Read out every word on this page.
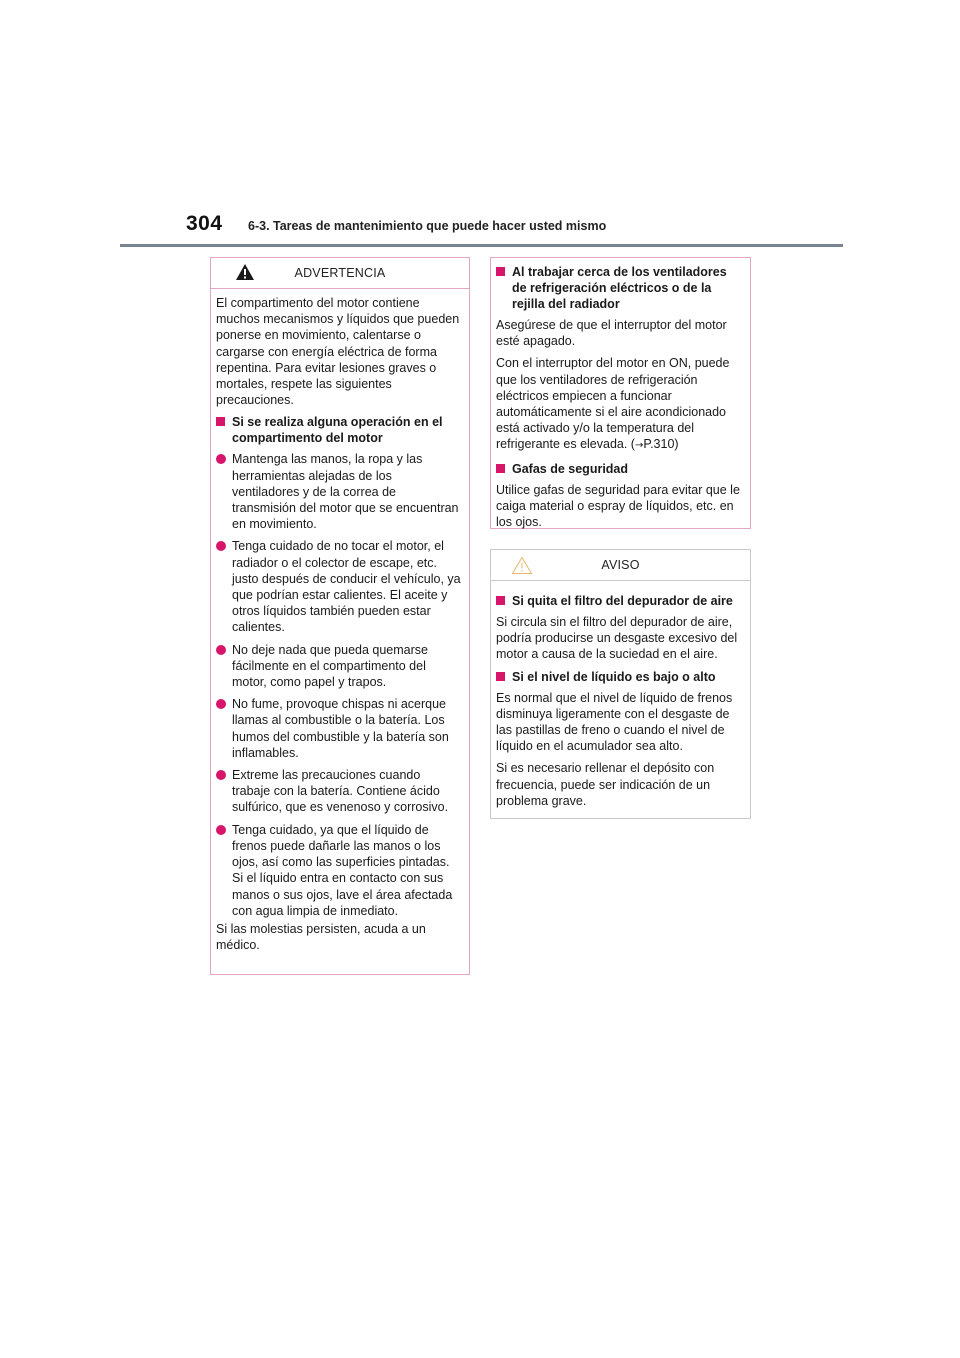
304 6-3. Tareas de mantenimiento que puede hacer usted mismo
ADVERTENCIA

El compartimento del motor contiene muchos mecanismos y líquidos que pueden ponerse en movimiento, calentarse o cargarse con energía eléctrica de forma repentina. Para evitar lesiones graves o mortales, respete las siguientes precauciones.

Si se realiza alguna operación en el compartimento del motor
Mantenga las manos, la ropa y las herramientas alejadas de los ventiladores y de la correa de transmisión del motor que se encuentran en movimiento.
Tenga cuidado de no tocar el motor, el radiador o el colector de escape, etc. justo después de conducir el vehículo, ya que podrían estar calientes. El aceite y otros líquidos también pueden estar calientes.
No deje nada que pueda quemarse fácilmente en el compartimento del motor, como papel y trapos.
No fume, provoque chispas ni acerque llamas al combustible o la batería. Los humos del combustible y la batería son inflamables.
Extreme las precauciones cuando trabaje con la batería. Contiene ácido sulfúrico, que es venenoso y corrosivo.
Tenga cuidado, ya que el líquido de frenos puede dañarle las manos o los ojos, así como las superficies pintadas. Si el líquido entra en contacto con sus manos o sus ojos, lave el área afectada con agua limpia de inmediato.

Si las molestias persisten, acuda a un médico.

Al trabajar cerca de los ventiladores de refrigeración eléctricos o de la rejilla del radiador

Asegúrese de que el interruptor del motor esté apagado.

Con el interruptor del motor en ON, puede que los ventiladores de refrigeración eléctricos empiecen a funcionar automáticamente si el aire acondicionado está activado y/o la temperatura del refrigerante es elevada. (→P.310)

Gafas de seguridad

Utilice gafas de seguridad para evitar que le caiga material o espray de líquidos, etc. en los ojos.

AVISO
Si quita el filtro del depurador de aire

Si circula sin el filtro del depurador de aire, podría producirse un desgaste excesivo del motor a causa de la suciedad en el aire.

Si el nivel de líquido es bajo o alto

Es normal que el nivel de líquido de frenos disminuya ligeramente con el desgaste de las pastillas de freno o cuando el nivel de líquido en el acumulador sea alto.

Si es necesario rellenar el depósito con frecuencia, puede ser indicación de un problema grave.
